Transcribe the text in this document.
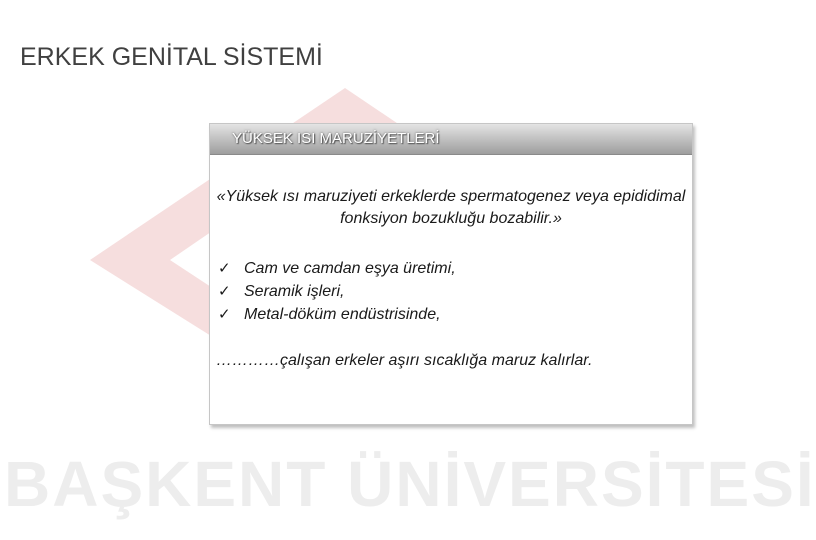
BAŞKENT ÜNİVERSİTESİ
ERKEK GENİTAL SİSTEMİ
YÜKSEK ISI MARUZİYETLERİ
«Yüksek ısı maruziyeti erkeklerde spermatogenez veya epididimal fonksiyon bozukluğu bozabilir.»
✓ Cam ve camdan eşya üretimi,
✓ Seramik işleri,
✓ Metal-döküm endüstrisinde,
…………çalışan erkeler aşırı sıcaklığa maruz kalırlar.
